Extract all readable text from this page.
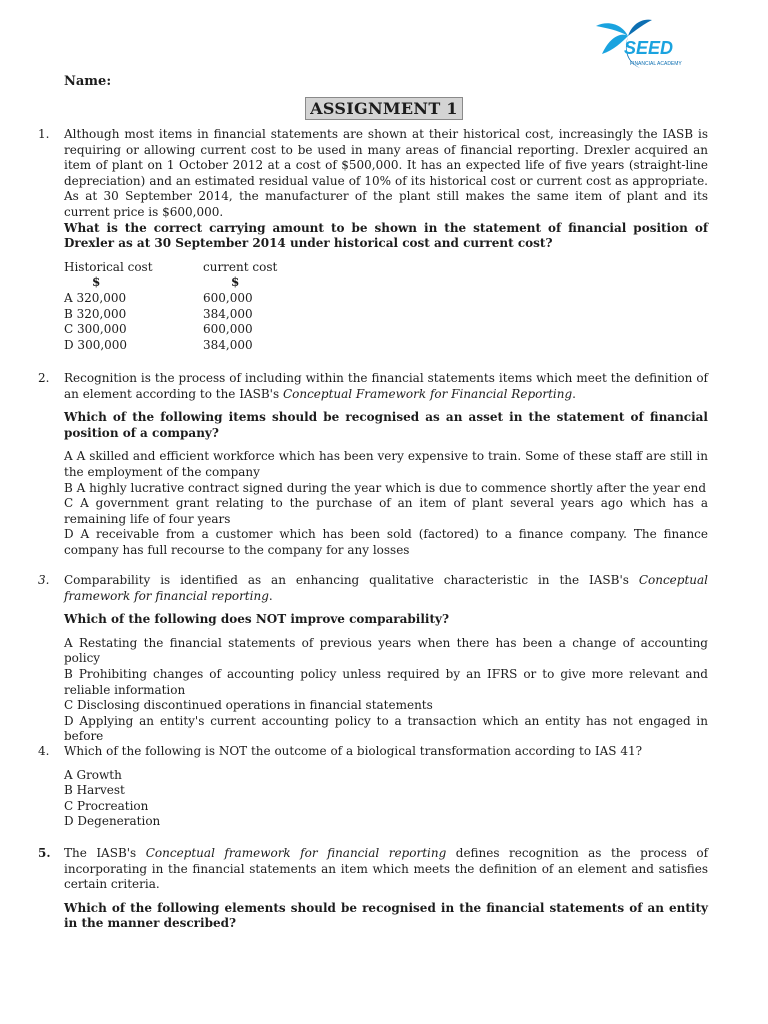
SEED
FINANCIAL ACADEMY
Name:
ASSIGNMENT 1
1.	Although most items in financial statements are shown at their historical cost, increasingly the IASB is requiring or allowing current cost to be used in many areas of financial reporting. Drexler acquired an item of plant on 1 October 2012 at a cost of $500,000. It has an expected life of five years (straight-line depreciation) and an estimated residual value of 10% of its historical cost or current cost as appropriate. As at 30 September 2014, the manufacturer of the plant still makes the same item of plant and its current price is $600,000.
What is the correct carrying amount to be shown in the statement of financial position of Drexler as at 30 September 2014 under historical cost and current cost?
Historical cost	current cost
$	$
A 320,000	600,000
B 320,000	384,000
C 300,000	600,000
D 300,000	384,000
2.	Recognition is the process of including within the financial statements items which meet the definition of an element according to the IASB's Conceptual Framework for Financial Reporting.
Which of the following items should be recognised as an asset in the statement of financial position of a company?
A A skilled and efficient workforce which has been very expensive to train. Some of these staff are still in the employment of the company
B A highly lucrative contract signed during the year which is due to commence shortly after the year end
C A government grant relating to the purchase of an item of plant several years ago which has a remaining life of four years
D A receivable from a customer which has been sold (factored) to a finance company. The finance company has full recourse to the company for any losses
3.	Comparability is identified as an enhancing qualitative characteristic in the IASB's Conceptual framework for financial reporting.
Which of the following does NOT improve comparability?
A Restating the financial statements of previous years when there has been a change of accounting policy
B Prohibiting changes of accounting policy unless required by an IFRS or to give more relevant and reliable information
C Disclosing discontinued operations in financial statements
D Applying an entity's current accounting policy to a transaction which an entity has not engaged in before
4.	Which of the following is NOT the outcome of a biological transformation according to IAS 41?
A Growth
B Harvest
C Procreation
D Degeneration
5.	The IASB's Conceptual framework for financial reporting defines recognition as the process of incorporating in the financial statements an item which meets the definition of an element and satisfies certain criteria.
Which of the following elements should be recognised in the financial statements of an entity in the manner described?
